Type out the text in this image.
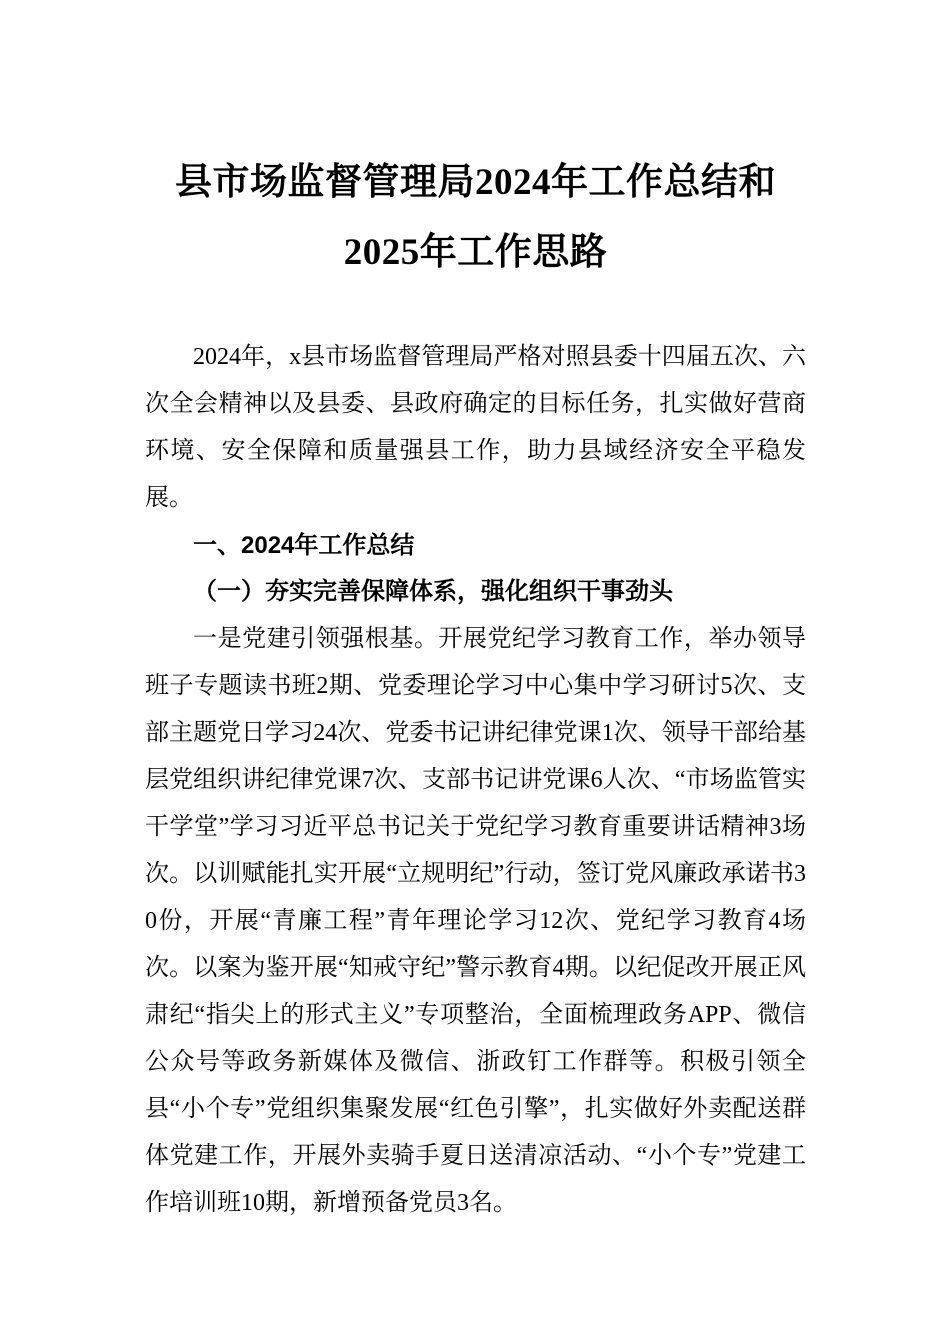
县市场监督管理局2024年工作总结和2025年工作思路

2024年，x县市场监督管理局严格对照县委十四届五次、六次全会精神以及县委、县政府确定的目标任务，扎实做好营商环境、安全保障和质量强县工作，助力县域经济安全平稳发展。

一、2024年工作总结
（一）夯实完善保障体系，强化组织干事劲头

一是党建引领强根基。开展党纪学习教育工作，举办领导班子专题读书班2期、党委理论学习中心集中学习研讨5次、支部主题党日学习24次、党委书记讲纪律党课1次、领导干部给基层党组织讲纪律党课7次、支部书记讲党课6人次、“市场监管实干学堂”学习习近平总书记关于党纪学习教育重要讲话精神3场次。以训赋能扎实开展“立规明纪”行动，签订党风廉政承诺书30份，开展“青廉工程”青年理论学习12次、党纪学习教育4场次。以案为鉴开展“知戒守纪”警示教育4期。以纪促改开展正风肃纪“指尖上的形式主义”专项整治，全面梳理政务APP、微信公众号等政务新媒体及微信、浙政钉工作群等。积极引领全县“小个专”党组织集聚发展“红色引擎”，扎实做好外卖配送群体党建工作，开展外卖骑手夏日送清凉活动、“小个专”党建工作培训班10期，新增预备党员3名。
